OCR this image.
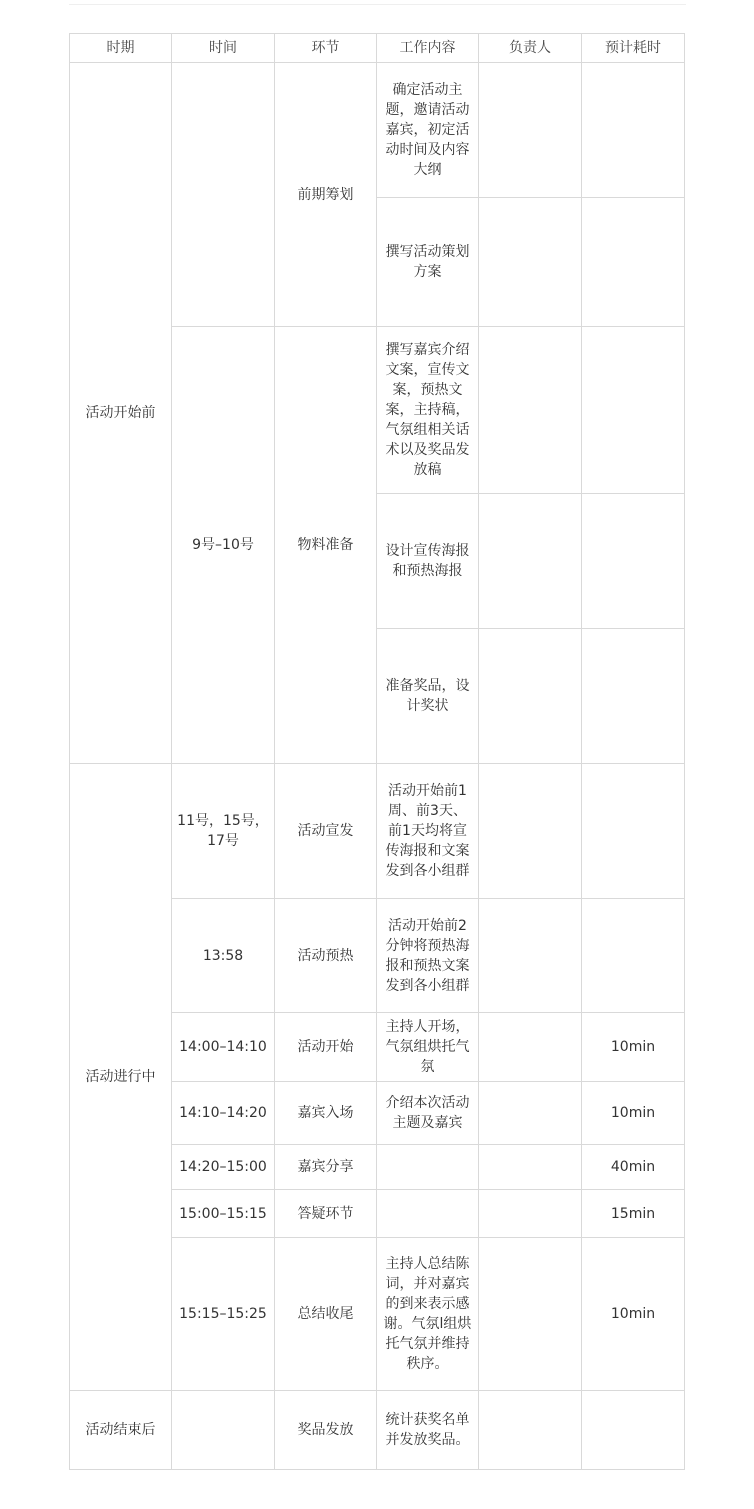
时期	时间	环节	工作内容	负责人	预计耗时
活动开始前		前期筹划	确定活动主题，邀请活动嘉宾，初定活动时间及内容大纲		
			撰写活动策划方案		
	9号–10号	物料准备	撰写嘉宾介绍文案，宣传文案，预热文案，主持稿，气氛组相关话术以及奖品发放稿		
			设计宣传海报和预热海报		
			准备奖品，设计奖状		
活动进行中	11号，15号，17号	活动宣发	活动开始前1周、前3天、前1天均将宣传海报和文案发到各小组群		
	13:58	活动预热	活动开始前2分钟将预热海报和预热文案发到各小组群		
	14:00–14:10	活动开始	主持人开场，气氛组烘托气氛		10min
	14:10–14:20	嘉宾入场	介绍本次活动主题及嘉宾		10min
	14:20–15:00	嘉宾分享			40min
	15:00–15:15	答疑环节			15min
	15:15–15:25	总结收尾	主持人总结陈词，并对嘉宾的到来表示感谢。气氛l组烘托气氛并维持秩序。		10min
活动结束后		奖品发放	统计获奖名单并发放奖品。		
